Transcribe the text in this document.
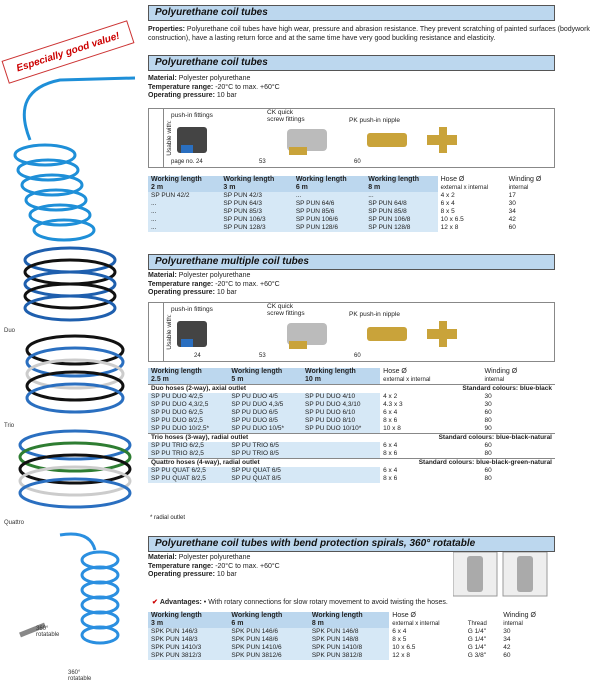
Especially good value!
Duo
Trio
Quattro
360°
rotatable
360°
rotatable
Polyurethane coil tubes
Properties: Polyurethane coil tubes have high wear, pressure and abrasion resistance. They prevent scratching of painted surfaces (bodywork construction), have a lasting return force and at the same time have very good buckling resistance and elasticity.
Polyurethane coil tubes
Material: Polyester polyurethane
Temperature range: -20°C to max. +60°C
Operating pressure: 10 bar
Usable with:
push-in fittings	CK quick
screw fittings	PK push-in nipple
page no. 24	53	60
Working length	Working length	Working length	Working length	Hose Ø	Winding Ø
2 m	3 m	6 m	8 m	external x internal	internal
SP PUN 42/2	SP PUN 42/3	...	...	4 x 2	17
...	SP PUN 64/3	SP PUN 64/6	SP PUN 64/8	6 x 4	30
...	SP PUN 85/3	SP PUN 85/6	SP PUN 85/8	8 x 5	34
...	SP PUN 106/3	SP PUN 106/6	SP PUN 106/8	10 x 6.5	42
...	SP PUN 128/3	SP PUN 128/6	SP PUN 128/8	12 x 8	60
Polyurethane multiple coil tubes
Material: Polyester polyurethane
Temperature range: -20°C to max. +60°C
Operating pressure: 10 bar
Usable with:
push-in fittings	CK quick
screw fittings	PK push-in nipple
24	53	60
Working length	Working length	Working length	Hose Ø	Winding Ø
2.5 m	5 m	10 m	external x internal	internal
Duo hoses (2-way), axial outlet			Standard colours: blue-black	
SP PU DUO 4/2,5	SP PU DUO 4/5	SP PU DUO 4/10	4 x 2	30
SP PU DUO 4,3/2,5	SP PU DUO 4,3/5	SP PU DUO 4,3/10	4.3 x 3	30
SP PU DUO 6/2,5	SP PU DUO 6/5	SP PU DUO 6/10	6 x 4	60
SP PU DUO 8/2,5	SP PU DUO 8/5	SP PU DUO 8/10	8 x 6	80
SP PU DUO 10/2,5*	SP PU DUO 10/5*	SP PU DUO 10/10*	10 x 8	90
Trio hoses (3-way), radial outlet			Standard colours: blue-black-natural	
SP PU TRIO 6/2,5	SP PU TRIO 6/5		6 x 4	60
SP PU TRIO 8/2,5	SP PU TRIO 8/5		8 x 6	80
Quattro hoses (4-way), radial outlet			Standard colours: blue-black-green-natural	
SP PU QUAT 6/2,5	SP PU QUAT 6/5		6 x 4	60
SP PU QUAT 8/2,5	SP PU QUAT 8/5		8 x 6	80
* radial outlet
Polyurethane coil tubes with bend protection spirals, 360° rotatable
Material: Polyester polyurethane
Temperature range: -20°C to max. +60°C
Operating pressure: 10 bar
✔ Advantages: • With rotary connections for slow rotary movement to avoid twisting the hoses.
Working length	Working length	Working length	Hose Ø		Winding Ø
3 m	6 m	8 m	external x internal	Thread	internal
SPK PUN 146/3	SPK PUN 146/6	SPK PUN 146/8	6 x 4	G 1/4"	30
SPK PUN 148/3	SPK PUN 148/6	SPK PUN 148/8	8 x 5	G 1/4"	34
SPK PUN 1410/3	SPK PUN 1410/6	SPK PUN 1410/8	10 x 6.5	G 1/4"	42
SPK PUN 3812/3	SPK PUN 3812/6	SPK PUN 3812/8	12 x 8	G 3/8"	60
